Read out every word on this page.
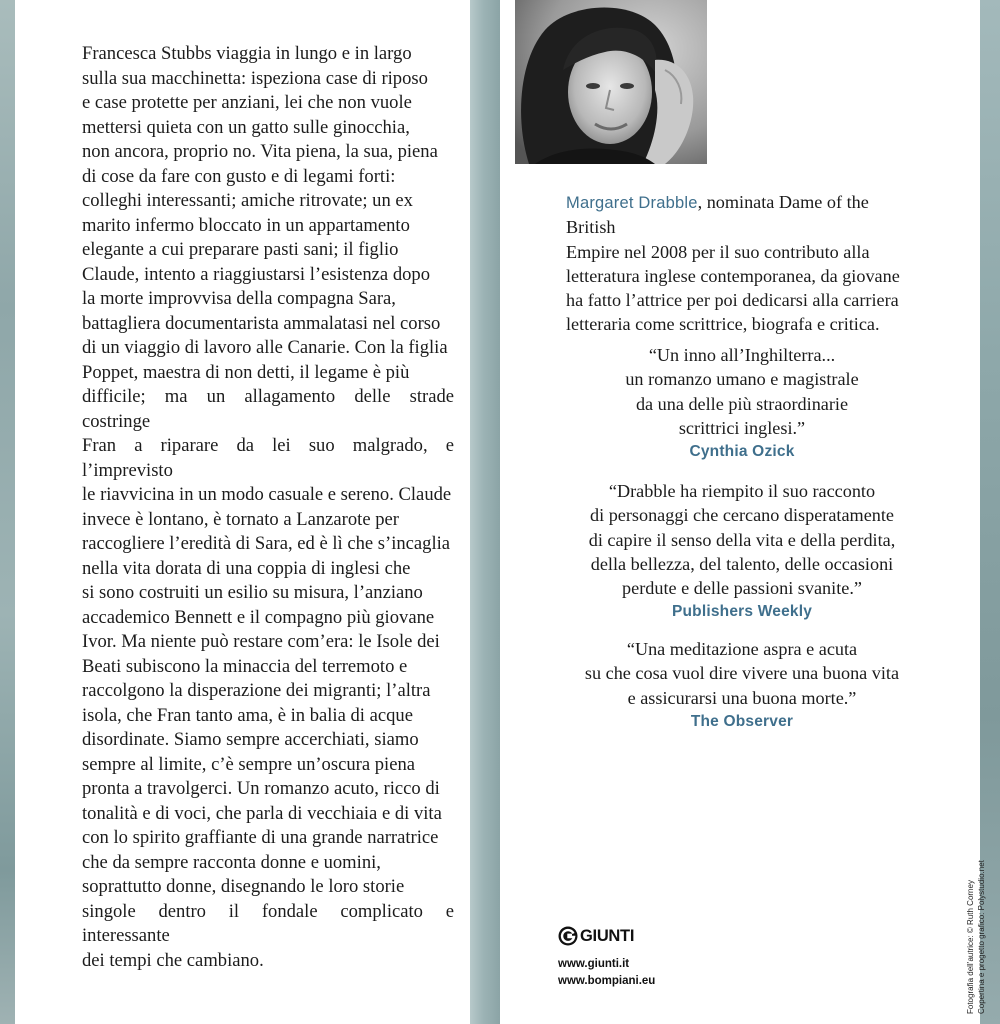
Francesca Stubbs viaggia in lungo e in largo
sulla sua macchinetta: ispeziona case di riposo
e case protette per anziani, lei che non vuole
mettersi quieta con un gatto sulle ginocchia,
non ancora, proprio no. Vita piena, la sua, piena
di cose da fare con gusto e di legami forti:
colleghi interessanti; amiche ritrovate; un ex
marito infermo bloccato in un appartamento
elegante a cui preparare pasti sani; il figlio
Claude, intento a riaggiustarsi l’esistenza dopo
la morte improvvisa della compagna Sara,
battagliera documentarista ammalatasi nel corso
di un viaggio di lavoro alle Canarie. Con la figlia
Poppet, maestra di non detti, il legame è più
difficile; ma un allagamento delle strade costringe
Fran a riparare da lei suo malgrado, e l’imprevisto
le riavvicina in un modo casuale e sereno. Claude
invece è lontano, è tornato a Lanzarote per
raccogliere l’eredità di Sara, ed è lì che s’incaglia
nella vita dorata di una coppia di inglesi che
si sono costruiti un esilio su misura, l’anziano
accademico Bennett e il compagno più giovane
Ivor. Ma niente può restare com’era: le Isole dei
Beati subiscono la minaccia del terremoto e
raccolgono la disperazione dei migranti; l’altra
isola, che Fran tanto ama, è in balia di acque
disordinate. Siamo sempre accerchiati, siamo
sempre al limite, c’è sempre un’oscura piena
pronta a travolgerci. Un romanzo acuto, ricco di
tonalità e di voci, che parla di vecchiaia e di vita
con lo spirito graffiante di una grande narratrice
che da sempre racconta donne e uomini,
soprattutto donne, disegnando le loro storie
singole dentro il fondale complicato e interessante
dei tempi che cambiano.
Margaret Drabble, nominata Dame of the British
Empire nel 2008 per il suo contributo alla
letteratura inglese contemporanea, da giovane
ha fatto l’attrice per poi dedicarsi alla carriera
letteraria come scrittrice, biografa e critica.
“Un inno all’Inghilterra...
un romanzo umano e magistrale
da una delle più straordinarie
scrittrici inglesi.”
Cynthia Ozick
“Drabble ha riempito il suo racconto
di personaggi che cercano disperatamente
di capire il senso della vita e della perdita,
della bellezza, del talento, delle occasioni
perdute e delle passioni svanite.”
Publishers Weekly
“Una meditazione aspra e acuta
su che cosa vuol dire vivere una buona vita
e assicurarsi una buona morte.”
The Observer
GIUNTI
www.giunti.it
www.bompiani.eu	Fotografia dell’autrice: © Ruth Corney Copertina e progetto grafico: Polystudio.net
